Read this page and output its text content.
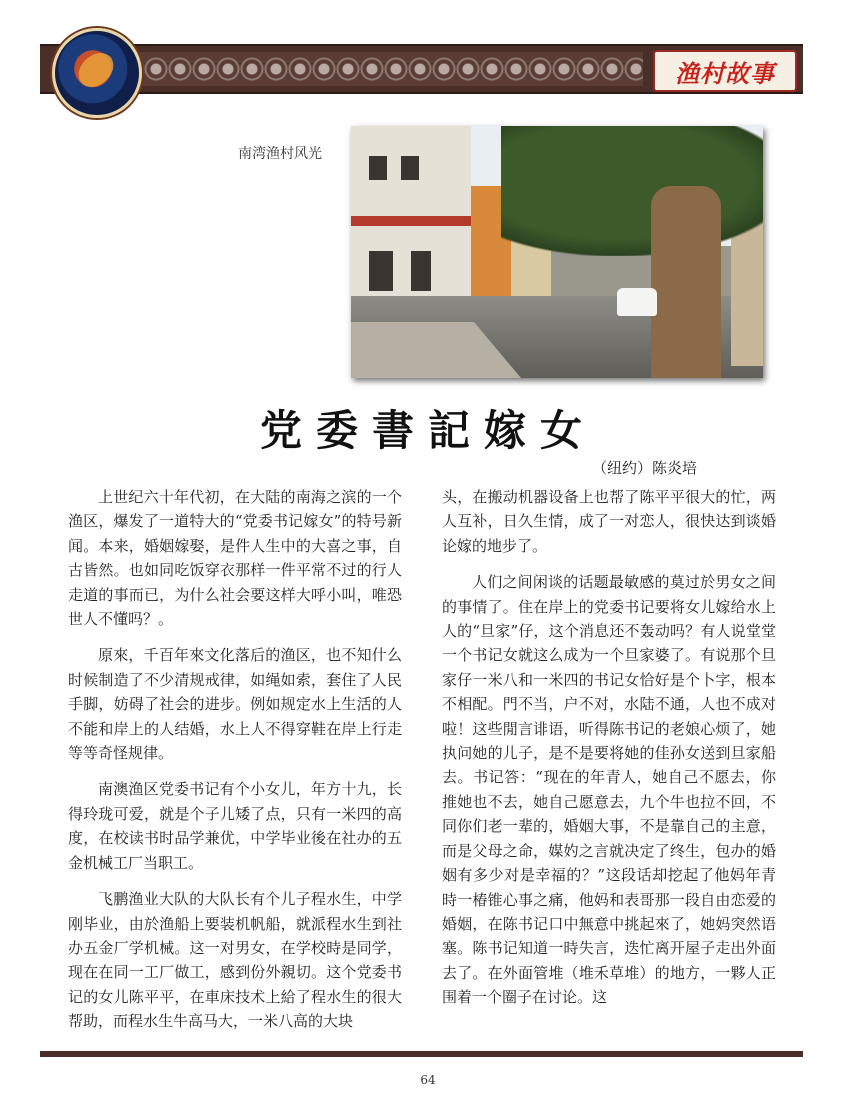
渔村故事
南湾渔村风光
党委書記嫁女
（纽约）陈炎培

上世纪六十年代初，在大陆的南海之滨的一个渔区，爆发了一道特大的“党委书记嫁女”的特号新闻。本来，婚姻嫁娶，是件人生中的大喜之事，自古皆然。也如同吃饭穿衣那样一件平常不过的行人走道的事而已，为什么社会要这样大呼小叫，唯恐世人不懂吗？。

原來，千百年來文化落后的渔区，也不知什么时候制造了不少清规戒律，如绳如索，套住了人民手脚，妨碍了社会的进步。例如规定水上生活的人不能和岸上的人结婚，水上人不得穿鞋在岸上行走等等奇怪规律。

南澳渔区党委书记有个小女儿，年方十九，长得玲珑可爱，就是个子儿矮了点，只有一米四的高度，在校读书时品学兼优，中学毕业後在社办的五金机械工厂当职工。

飞鹏渔业大队的大队长有个儿子程水生，中学刚毕业，由於渔船上要装机帆船，就派程水生到社办五金厂学机械。这一对男女，在学校時是同学，现在在同一工厂做工，感到份外親切。这个党委书记的女儿陈平平，在車床技术上給了程水生的很大帮助，而程水生牛高马大，一米八高的大块

头，在搬动机器设备上也帮了陈平平很大的忙，两人互补，日久生情，成了一对恋人，很快达到谈婚论嫁的地步了。

人们之间闲谈的话题最敏感的莫过於男女之间的事情了。住在岸上的党委书记要将女儿嫁给水上人的“旦家”仔，这个消息还不轰动吗？有人说堂堂一个书记女就这么成为一个旦家婆了。有说那个旦家仔一米八和一米四的书记女恰好是个卜字，根本不相配。門不当，户不对，水陆不通，人也不成对啦！这些閒言诽语，听得陈书记的老娘心烦了，她执问她的儿子，是不是要将她的佳孙女送到旦家船去。书记答：“现在的年青人，她自己不愿去，你推她也不去，她自己愿意去，九个牛也拉不回，不同你们老一辈的，婚姻大事，不是靠自己的主意，而是父母之命，媒妁之言就决定了终生，包办的婚姻有多少对是幸福的？”这段话却挖起了他妈年青時一椿锥心事之痛，他妈和表哥那一段自由恋爱的婚姻，在陈书记口中無意中挑起來了，她妈突然语塞。陈书记知道一時失言，迭忙离开屋子走出外面去了。在外面管堆（堆禾草堆）的地方，一夥人正围着一个圈子在讨论。这

64
